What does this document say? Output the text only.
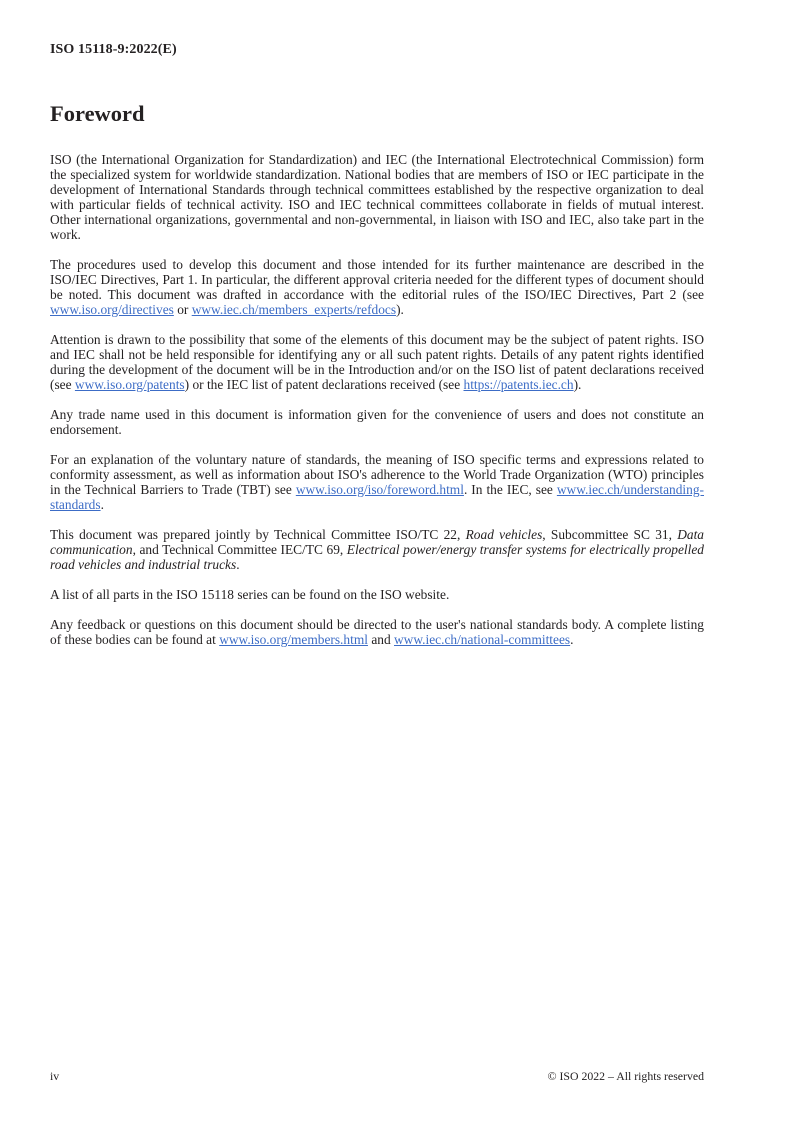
ISO 15118-9:2022(E)
Foreword

ISO (the International Organization for Standardization) and IEC (the International Electrotechnical Commission) form the specialized system for worldwide standardization. National bodies that are members of ISO or IEC participate in the development of International Standards through technical committees established by the respective organization to deal with particular fields of technical activity. ISO and IEC technical committees collaborate in fields of mutual interest. Other international organizations, governmental and non-governmental, in liaison with ISO and IEC, also take part in the work.

The procedures used to develop this document and those intended for its further maintenance are described in the ISO/IEC Directives, Part 1. In particular, the different approval criteria needed for the different types of document should be noted. This document was drafted in accordance with the editorial rules of the ISO/IEC Directives, Part 2 (see www.iso.org/directives or www.iec.ch/members_experts/refdocs).

Attention is drawn to the possibility that some of the elements of this document may be the subject of patent rights. ISO and IEC shall not be held responsible for identifying any or all such patent rights. Details of any patent rights identified during the development of the document will be in the Introduction and/or on the ISO list of patent declarations received (see www.iso.org/patents) or the IEC list of patent declarations received (see https://patents.iec.ch).

Any trade name used in this document is information given for the convenience of users and does not constitute an endorsement.

For an explanation of the voluntary nature of standards, the meaning of ISO specific terms and expressions related to conformity assessment, as well as information about ISO's adherence to the World Trade Organization (WTO) principles in the Technical Barriers to Trade (TBT) see www.iso.org/iso/foreword.html. In the IEC, see www.iec.ch/understanding-standards.

This document was prepared jointly by Technical Committee ISO/TC 22, Road vehicles, Subcommittee SC 31, Data communication, and Technical Committee IEC/TC 69, Electrical power/energy transfer systems for electrically propelled road vehicles and industrial trucks.

A list of all parts in the ISO 15118 series can be found on the ISO website.

Any feedback or questions on this document should be directed to the user's national standards body. A complete listing of these bodies can be found at www.iso.org/members.html and www.iec.ch/national-committees.

iv	© ISO 2022 – All rights reserved
